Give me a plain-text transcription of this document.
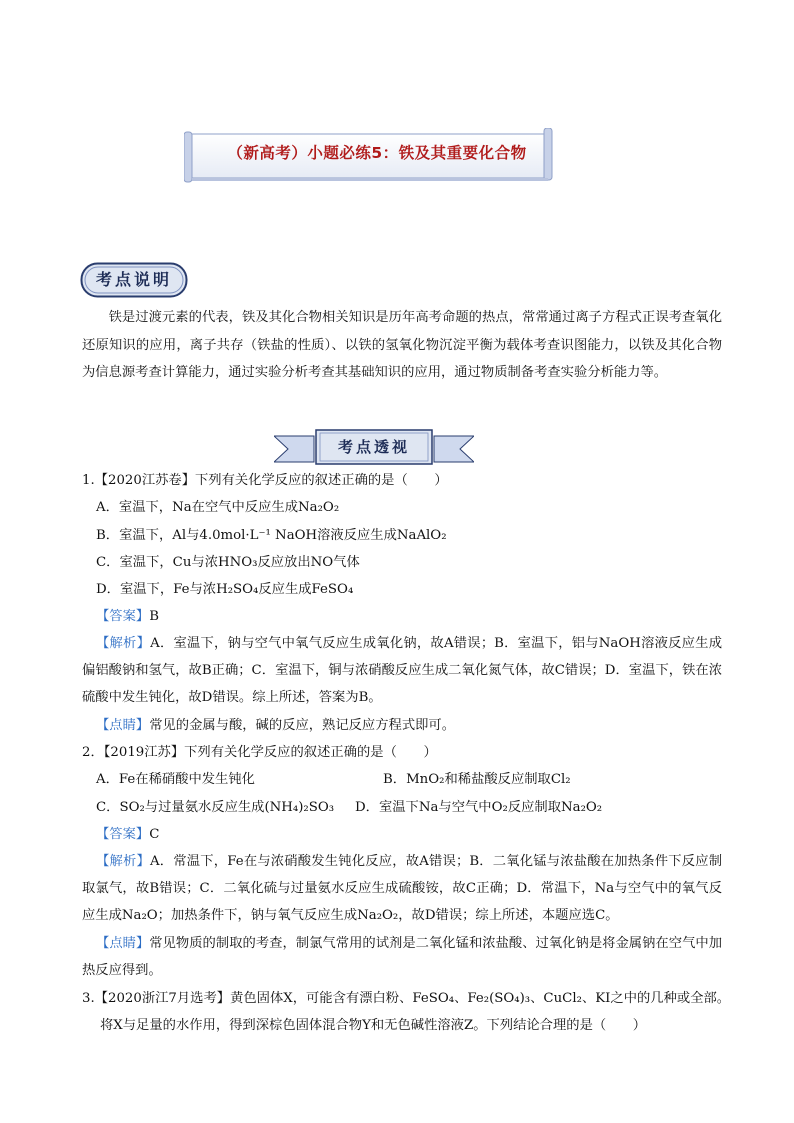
（新高考）小题必练5：铁及其重要化合物
考点说明
铁是过渡元素的代表，铁及其化合物相关知识是历年高考命题的热点，常常通过离子方程式正误考查氧化还原知识的应用，离子共存（铁盐的性质）、以铁的氢氧化物沉淀平衡为载体考查识图能力，以铁及其化合物为信息源考查计算能力，通过实验分析考查其基础知识的应用，通过物质制备考查实验分析能力等。
考点透视
1.【2020江苏卷】下列有关化学反应的叙述正确的是（　　）
A．室温下，Na在空气中反应生成Na₂O₂
B．室温下，Al与4.0mol·L⁻¹ NaOH溶液反应生成NaAlO₂
C．室温下，Cu与浓HNO₃反应放出NO气体
D．室温下，Fe与浓H₂SO₄反应生成FeSO₄
【答案】B
【解析】A．室温下，钠与空气中氧气反应生成氧化钠，故A错误；B．室温下，铝与NaOH溶液反应生成偏铝酸钠和氢气，故B正确；C．室温下，铜与浓硝酸反应生成二氧化氮气体，故C错误；D．室温下，铁在浓硫酸中发生钝化，故D错误。综上所述，答案为B。
【点睛】常见的金属与酸，碱的反应，熟记反应方程式即可。
2．【2019江苏】下列有关化学反应的叙述正确的是（　　）
A．Fe在稀硝酸中发生钝化	B．MnO₂和稀盐酸反应制取Cl₂
C．SO₂与过量氨水反应生成(NH₄)₂SO₃	D．室温下Na与空气中O₂反应制取Na₂O₂
【答案】C
【解析】A．常温下，Fe在与浓硝酸发生钝化反应，故A错误；B．二氧化锰与浓盐酸在加热条件下反应制取氯气，故B错误；C．二氧化硫与过量氨水反应生成硫酸铵，故C正确；D．常温下，Na与空气中的氧气反应生成Na₂O；加热条件下，钠与氧气反应生成Na₂O₂，故D错误；综上所述，本题应选C。
【点睛】常见物质的制取的考查，制氯气常用的试剂是二氧化锰和浓盐酸、过氧化钠是将金属钠在空气中加热反应得到。
3.【2020浙江7月选考】黄色固体X，可能含有漂白粉、FeSO₄、Fe₂(SO₄)₃、CuCl₂、KI之中的几种或全部。
将X与足量的水作用，得到深棕色固体混合物Y和无色碱性溶液Z。下列结论合理的是（　　）
